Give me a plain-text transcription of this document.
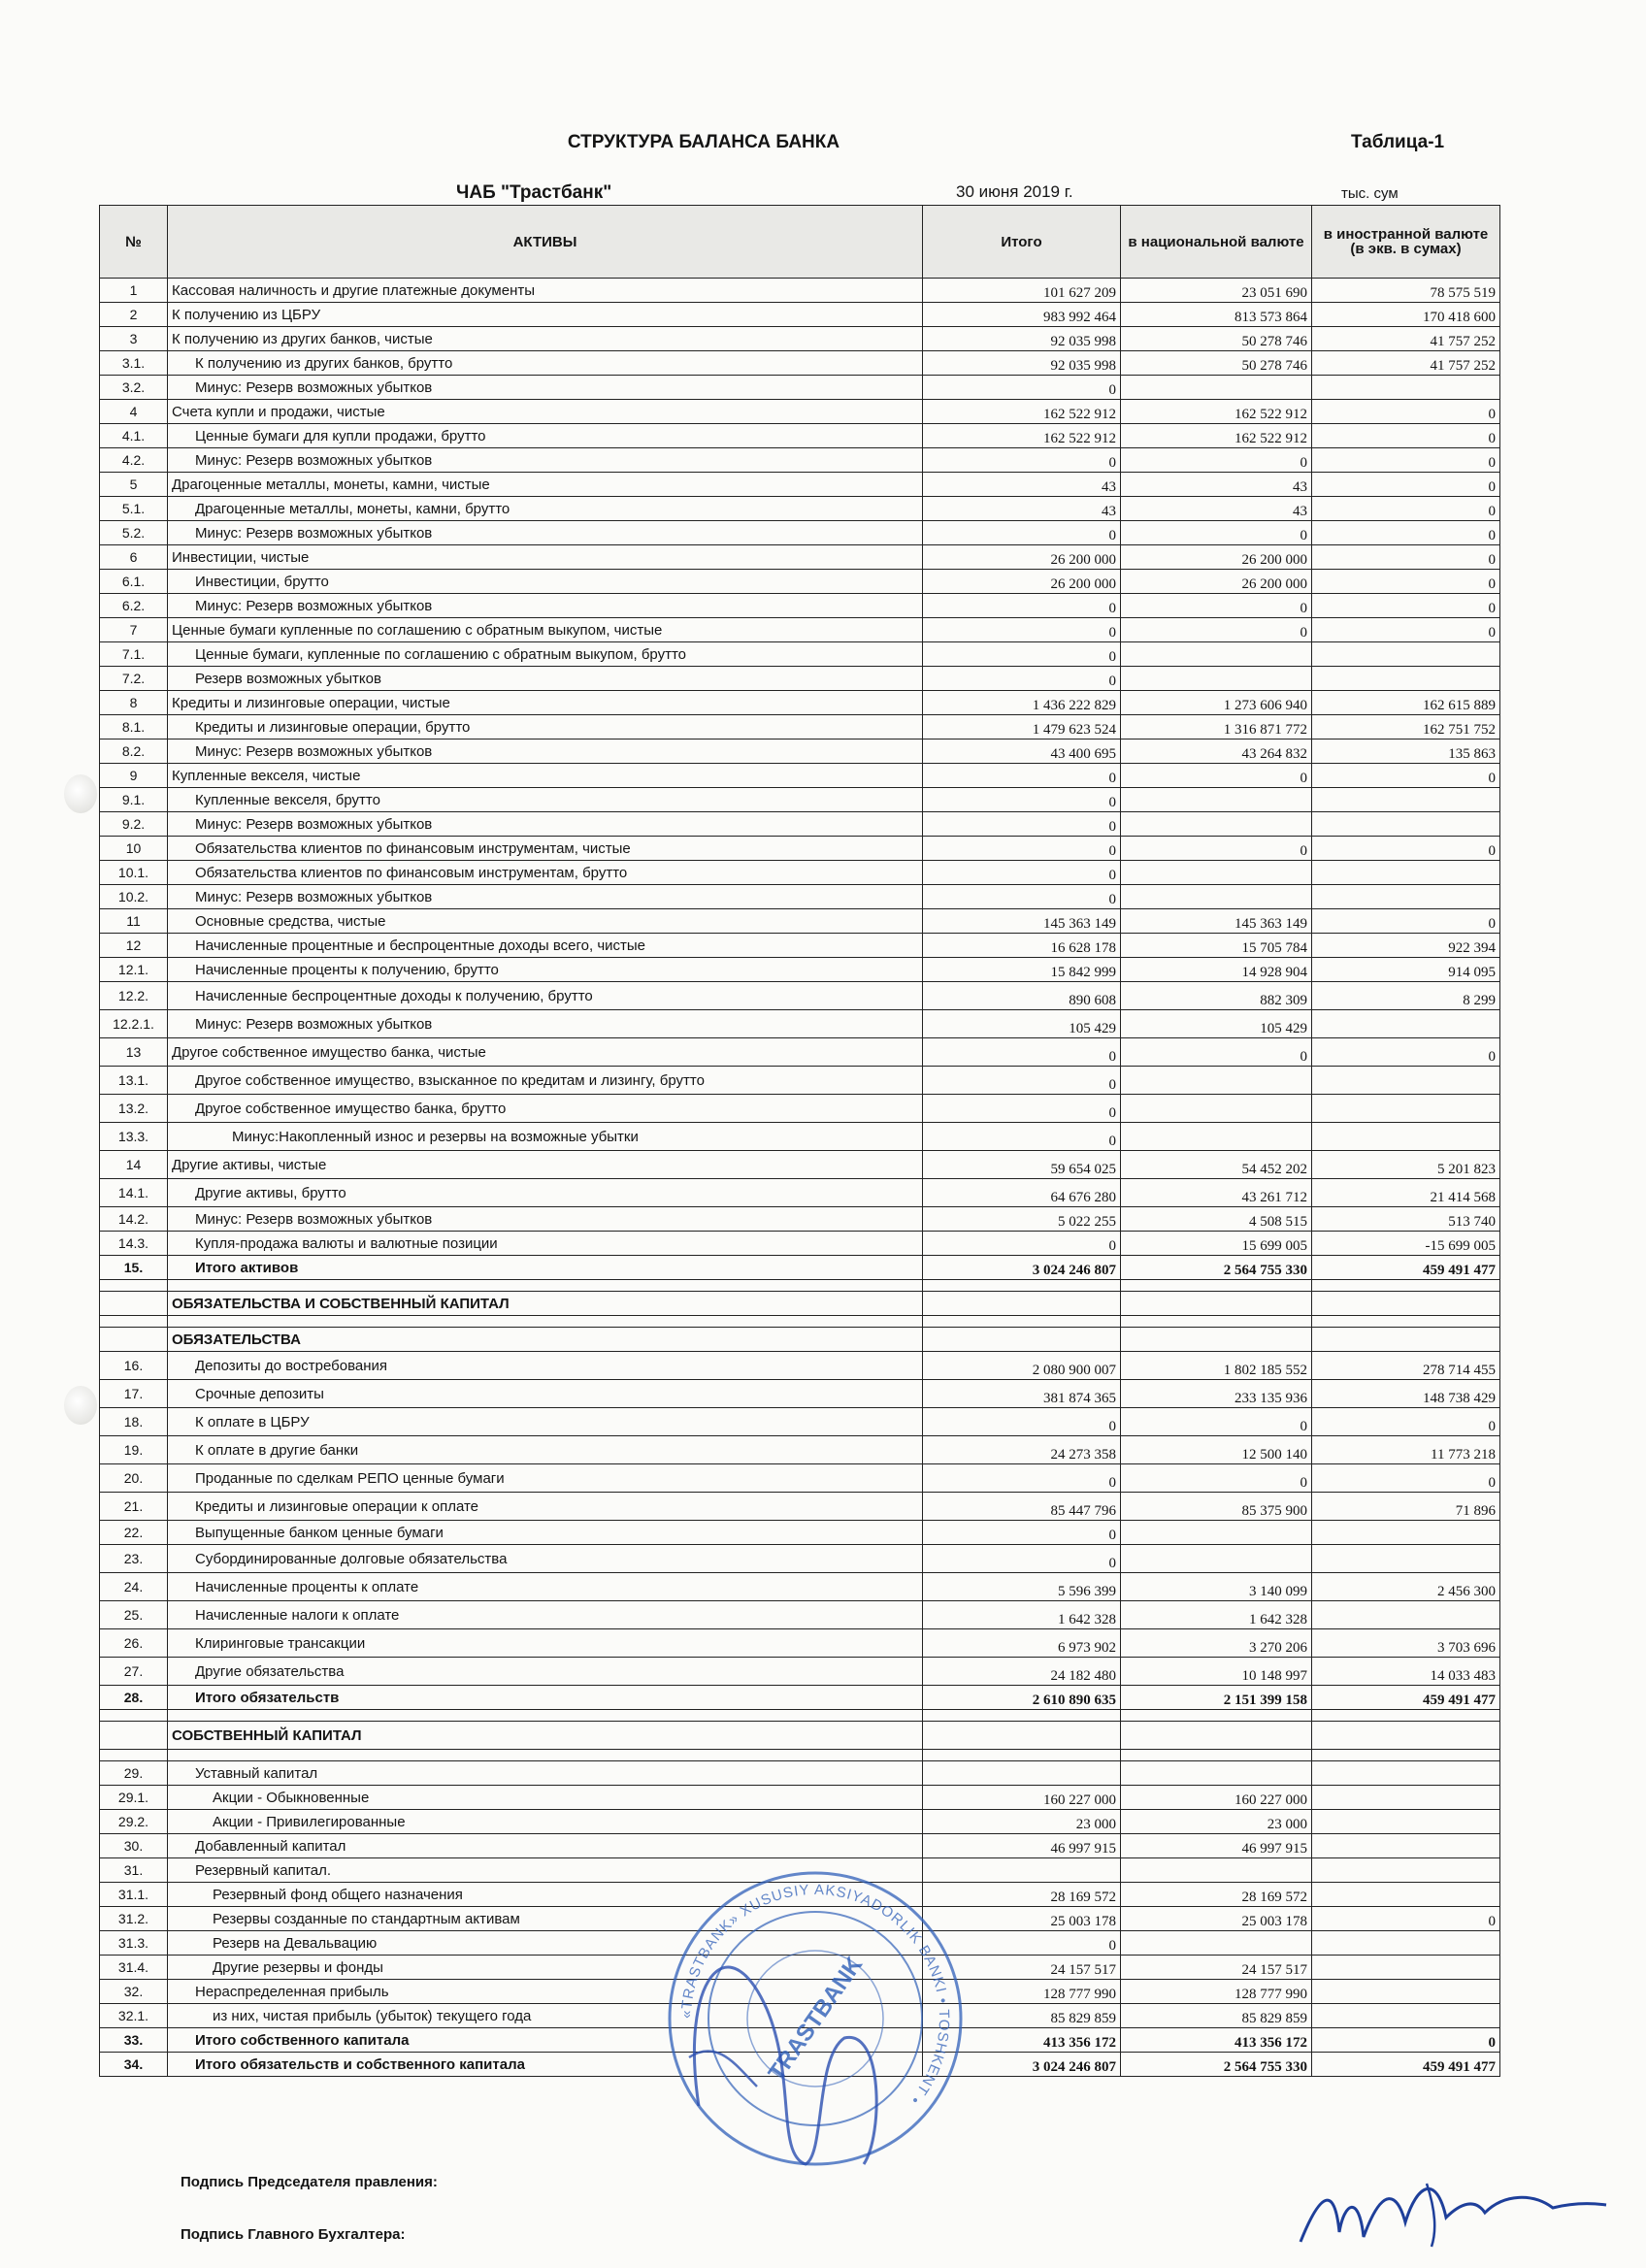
СТРУКТУРА БАЛАНСА БАНКА	Таблица-1
ЧАБ "Трастбанк"	30 июня 2019 г.	тыс. сум
№	АКТИВЫ	Итого	в национальной валюте	в иностранной валюте (в экв. в сумах)
1	Кассовая наличность и другие платежные документы	101 627 209	23 051 690	78 575 519
2	К получению из ЦБРУ	983 992 464	813 573 864	170 418 600
3	К получению из других банков, чистые	92 035 998	50 278 746	41 757 252
3.1.	К получению из других банков, брутто	92 035 998	50 278 746	41 757 252
3.2.	Минус: Резерв возможных убытков	0		
4	Счета купли и продажи, чистые	162 522 912	162 522 912	0
4.1.	Ценные бумаги для купли продажи, брутто	162 522 912	162 522 912	0
4.2.	Минус: Резерв возможных убытков	0	0	0
5	Драгоценные металлы, монеты, камни, чистые	43	43	0
5.1.	Драгоценные металлы, монеты, камни, брутто	43	43	0
5.2.	Минус: Резерв возможных убытков	0	0	0
6	Инвестиции, чистые	26 200 000	26 200 000	0
6.1.	Инвестиции, брутто	26 200 000	26 200 000	0
6.2.	Минус: Резерв возможных убытков	0	0	0
7	Ценные бумаги купленные по соглашению с обратным выкупом, чистые	0	0	0
7.1.	Ценные бумаги, купленные по соглашению с обратным выкупом, брутто	0		
7.2.	Резерв возможных убытков	0		
8	Кредиты и лизинговые операции, чистые	1 436 222 829	1 273 606 940	162 615 889
8.1.	Кредиты и лизинговые операции, брутто	1 479 623 524	1 316 871 772	162 751 752
8.2.	Минус: Резерв возможных убытков	43 400 695	43 264 832	135 863
9	Купленные векселя, чистые	0	0	0
9.1.	Купленные векселя, брутто	0		
9.2.	Минус: Резерв возможных убытков	0		
10	Обязательства клиентов по финансовым инструментам, чистые	0	0	0
10.1.	Обязательства клиентов по финансовым инструментам, брутто	0		
10.2.	Минус: Резерв возможных убытков	0		
11	Основные средства, чистые	145 363 149	145 363 149	0
12	Начисленные процентные и беспроцентные доходы всего, чистые	16 628 178	15 705 784	922 394
12.1.	Начисленные проценты к получению, брутто	15 842 999	14 928 904	914 095
12.2.	Начисленные беспроцентные доходы к получению, брутто	890 608	882 309	8 299
12.2.1.	Минус: Резерв возможных убытков	105 429	105 429	
13	Другое собственное имущество банка, чистые	0	0	0
13.1.	Другое собственное имущество, взысканное по кредитам и лизингу, брутто	0		
13.2.	Другое собственное имущество банка, брутто	0		
13.3.	Минус:Накопленный износ и резервы на возможные убытки	0		
14	Другие активы, чистые	59 654 025	54 452 202	5 201 823
14.1.	Другие активы, брутто	64 676 280	43 261 712	21 414 568
14.2.	Минус: Резерв возможных убытков	5 022 255	4 508 515	513 740
14.3.	Купля-продажа валюты и валютные позиции	0	15 699 005	-15 699 005
15.	Итого активов	3 024 246 807	2 564 755 330	459 491 477

	ОБЯЗАТЕЛЬСТВА И СОБСТВЕННЫЙ КАПИТАЛ			

	ОБЯЗАТЕЛЬСТВА			
16.	Депозиты до востребования	2 080 900 007	1 802 185 552	278 714 455
17.	Срочные депозиты	381 874 365	233 135 936	148 738 429
18.	К оплате в ЦБРУ	0	0	0
19.	К оплате в другие банки	24 273 358	12 500 140	11 773 218
20.	Проданные по сделкам РЕПО ценные бумаги	0	0	0
21.	Кредиты и лизинговые операции к оплате	85 447 796	85 375 900	71 896
22.	Выпущенные банком ценные бумаги	0		
23.	Субординированные долговые обязательства	0		
24.	Начисленные проценты к оплате	5 596 399	3 140 099	2 456 300
25.	Начисленные налоги к оплате	1 642 328	1 642 328	
26.	Клиринговые трансакции	6 973 902	3 270 206	3 703 696
27.	Другие обязательства	24 182 480	10 148 997	14 033 483
28.	Итого обязательств	2 610 890 635	2 151 399 158	459 491 477

	СОБСТВЕННЫЙ КАПИТАЛ			

29.	Уставный капитал			
29.1.	Акции - Обыкновенные	160 227 000	160 227 000	
29.2.	Акции - Привилегированные	23 000	23 000	
30.	Добавленный капитал	46 997 915	46 997 915	
31.	Резервный капитал.			
31.1.	Резервный фонд общего назначения	28 169 572	28 169 572	
31.2.	Резервы созданные по стандартным активам	25 003 178	25 003 178	0
31.3.	Резерв на Девальвацию	0		
31.4.	Другие резервы и фонды	24 157 517	24 157 517	
32.	Нераспределенная прибыль	128 777 990	128 777 990	
32.1.	из них, чистая прибыль (убыток) текущего года	85 829 859	85 829 859	
33.	Итого собственного капитала	413 356 172	413 356 172	0
34.	Итого обязательств и собственного капитала	3 024 246 807	2 564 755 330	459 491 477
Подпись Председателя правления:
Подпись Главного Бухгалтера:
«TRASTBANK» XUSUSIY AKSIYADORLIK BANKI • TOSHKENT •
TRASTBANK
